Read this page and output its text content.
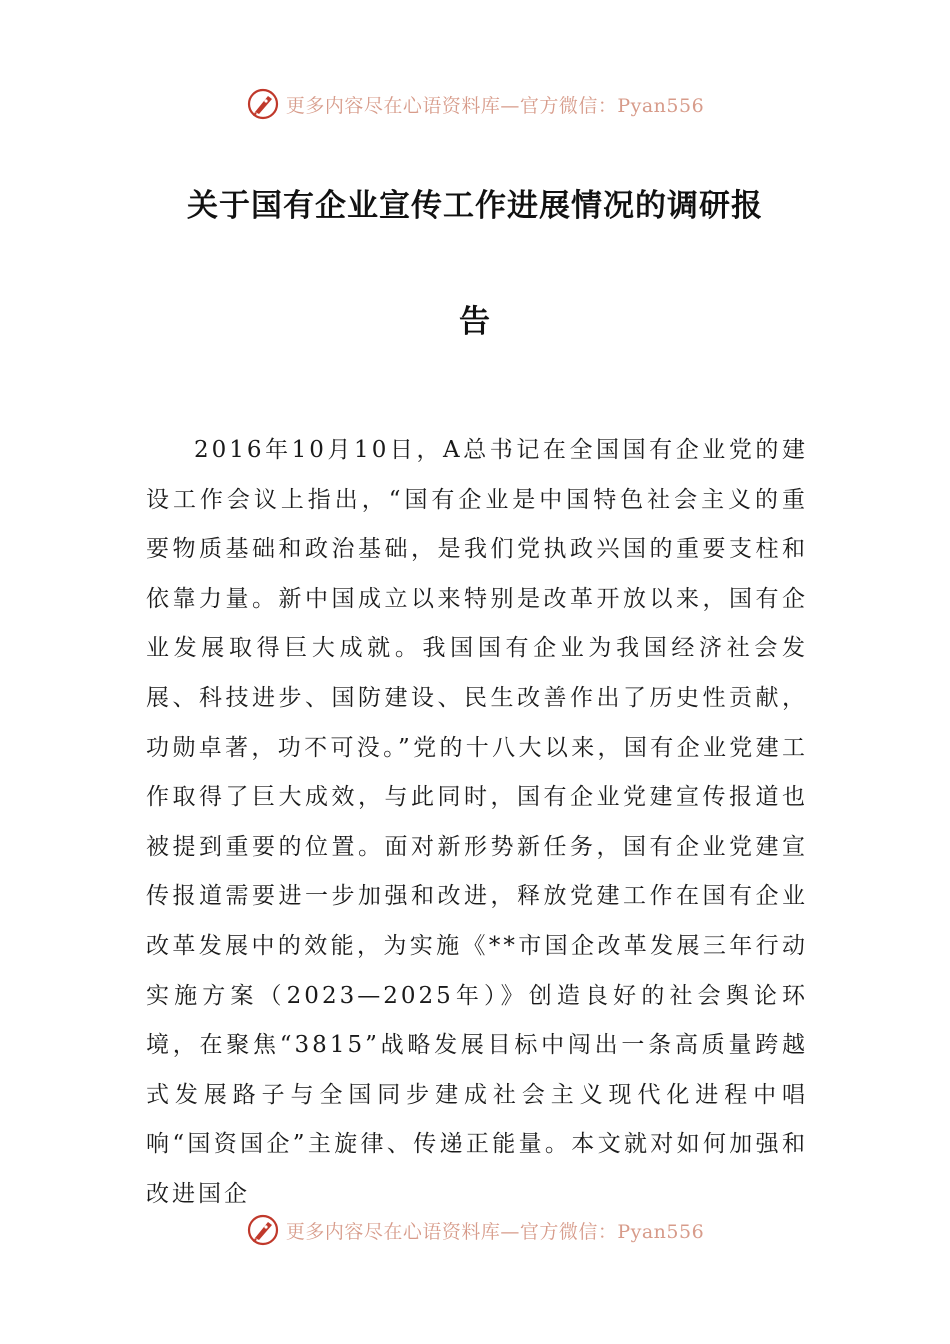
更多内容尽在心语资料库—官方微信：Pyan556
关于国有企业宣传工作进展情况的调研报
告

2016年10月10日，A总书记在全国国有企业党的建设工作会议上指出，“国有企业是中国特色社会主义的重要物质基础和政治基础，是我们党执政兴国的重要支柱和依靠力量。新中国成立以来特别是改革开放以来，国有企业发展取得巨大成就。我国国有企业为我国经济社会发展、科技进步、国防建设、民生改善作出了历史性贡献，功勋卓著，功不可没。”党的十八大以来，国有企业党建工作取得了巨大成效，与此同时，国有企业党建宣传报道也被提到重要的位置。面对新形势新任务，国有企业党建宣传报道需要进一步加强和改进，释放党建工作在国有企业改革发展中的效能，为实施《**市国企改革发展三年行动实施方案（2023—2025年）》创造良好的社会舆论环境，在聚焦“3815”战略发展目标中闯出一条高质量跨越式发展路子与全国同步建成社会主义现代化进程中唱响“国资国企”主旋律、传递正能量。本文就对如何加强和改进国企

更多内容尽在心语资料库—官方微信：Pyan556
